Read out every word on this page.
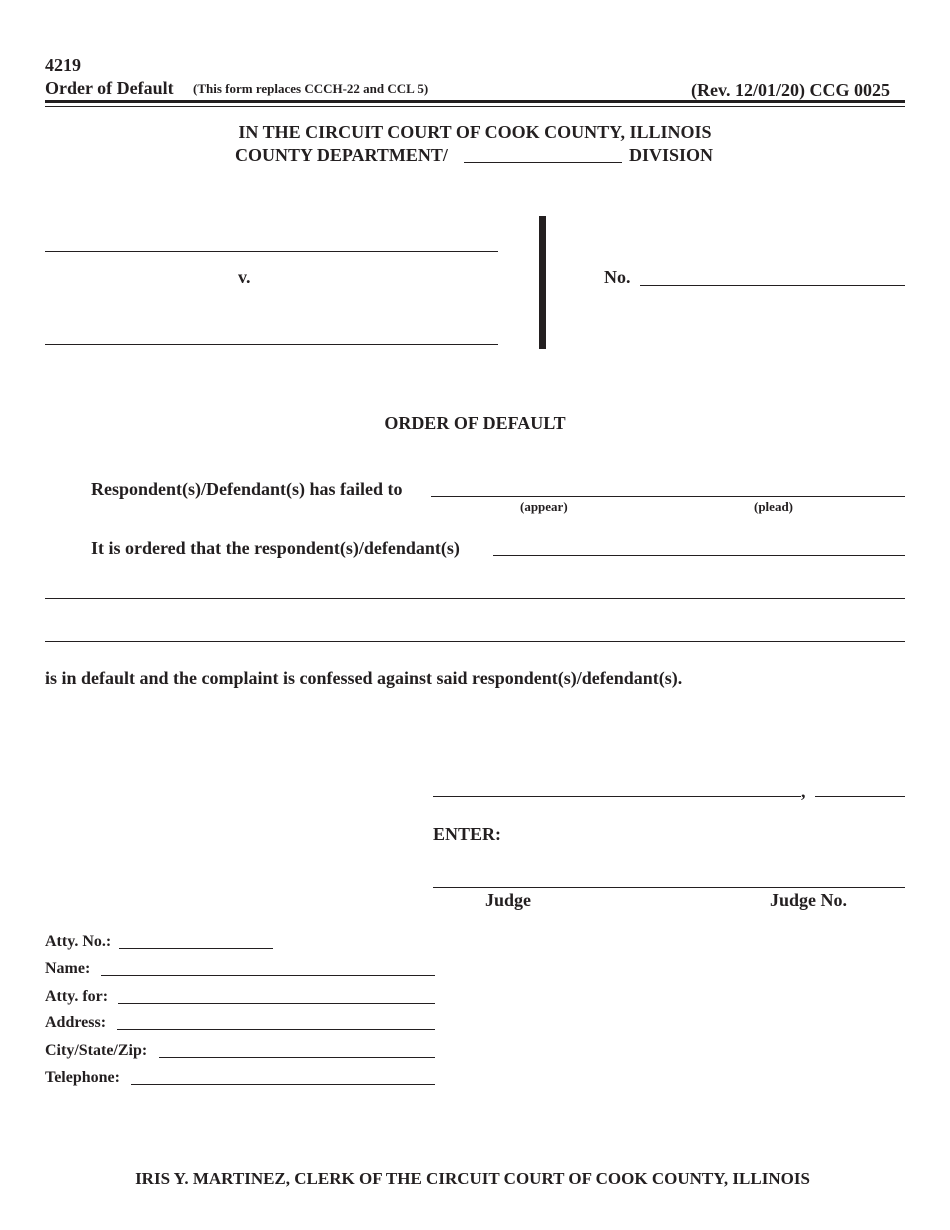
4219
Order of Default (This form replaces CCCH-22 and CCL 5)	(Rev. 12/01/20) CCG 0025
IN THE CIRCUIT COURT OF COOK COUNTY, ILLINOIS
COUNTY DEPARTMENT/	DIVISION
v.	No.
ORDER OF DEFAULT
Respondent(s)/Defendant(s) has failed to
(appear)	(plead)
It is ordered that the respondent(s)/defendant(s)
is in default and the complaint is confessed against said respondent(s)/defendant(s).
,
ENTER:
Judge	Judge No.
Atty. No.:
Name:
Atty. for:
Address:
City/State/Zip:
Telephone:
IRIS Y. MARTINEZ, CLERK OF THE CIRCUIT COURT OF COOK COUNTY, ILLINOIS
